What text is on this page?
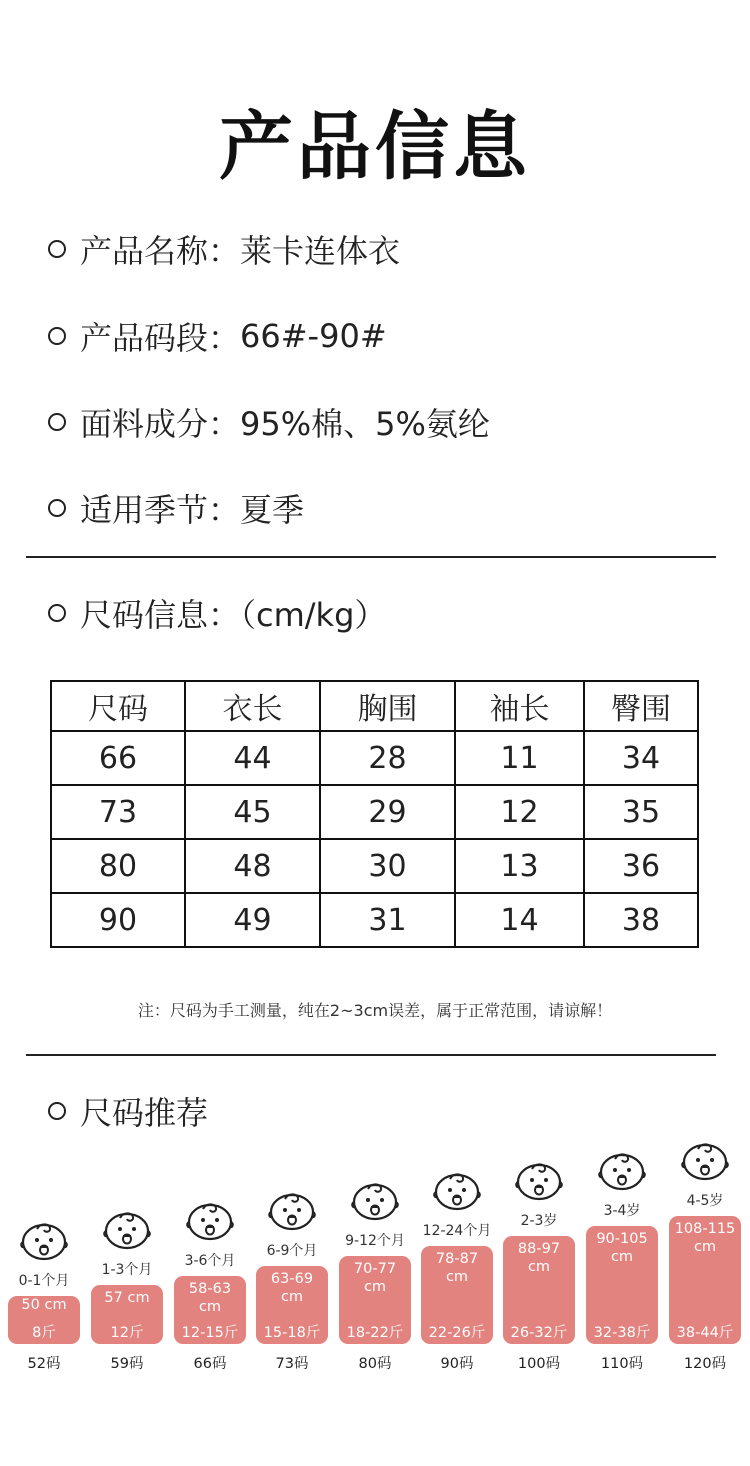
产品信息
产品名称： 莱卡连体衣
产品码段： 66#-90#
面料成分： 95%棉、5%氨纶
适用季节： 夏季
尺码信息：（cm/kg）
尺码	衣长	胸围	袖长	臀围
66	44	28	11	34
73	45	29	12	35
80	48	30	13	36
90	49	31	14	38
注：尺码为手工测量，纯在2~3cm误差，属于正常范围，请谅解！
尺码推荐
0-1个月
50 cm
8斤
52码
1-3个月
57 cm
12斤
59码
3-6个月
58-63 cm
12-15斤
66码
6-9个月
63-69 cm
15-18斤
73码
9-12个月
70-77 cm
18-22斤
80码
12-24个月
78-87 cm
22-26斤
90码
2-3岁
88-97 cm
26-32斤
100码
3-4岁
90-105 cm
32-38斤
110码
4-5岁
108-115 cm
38-44斤
120码
